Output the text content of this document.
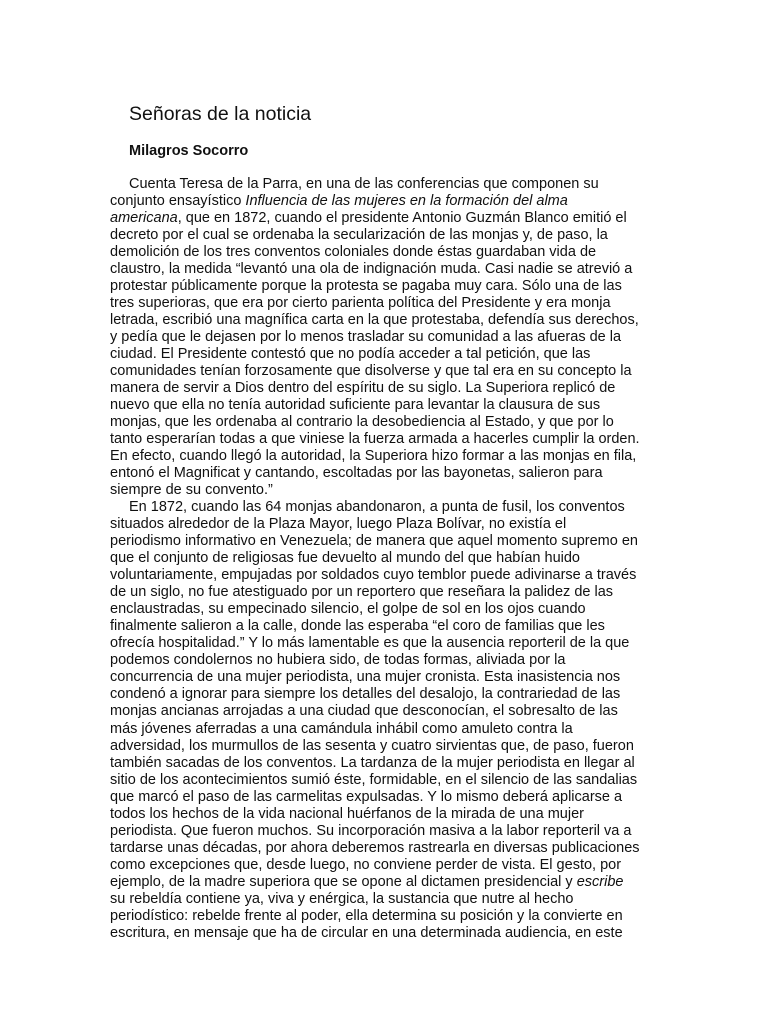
Señoras de la noticia
Milagros Socorro
Cuenta Teresa de la Parra, en una de las conferencias que componen su
conjunto ensayístico Influencia de las mujeres en la formación del alma
americana, que en 1872, cuando el presidente Antonio Guzmán Blanco emitió el
decreto por el cual se ordenaba la secularización de las monjas y, de paso, la
demolición de los tres conventos coloniales donde éstas guardaban vida de
claustro, la medida “levantó una ola de indignación muda. Casi nadie se atrevió a
protestar públicamente porque la protesta se pagaba muy cara. Sólo una de las
tres superioras, que era por cierto parienta política del Presidente y era monja
letrada, escribió una magnífica carta en la que protestaba, defendía sus derechos,
y pedía que le dejasen por lo menos trasladar su comunidad a las afueras de la
ciudad. El Presidente contestó que no podía acceder a tal petición, que las
comunidades tenían forzosamente que disolverse y que tal era en su concepto la
manera de servir a Dios dentro del espíritu de su siglo. La Superiora replicó de
nuevo que ella no tenía autoridad suficiente para levantar la clausura de sus
monjas, que les ordenaba al contrario la desobediencia al Estado, y que por lo
tanto esperarían todas a que viniese la fuerza armada a hacerles cumplir la orden.
En efecto, cuando llegó la autoridad, la Superiora hizo formar a las monjas en fila,
entonó el Magnificat y cantando, escoltadas por las bayonetas, salieron para
siempre de su convento.”
En 1872, cuando las 64 monjas abandonaron, a punta de fusil, los conventos
situados alrededor de la Plaza Mayor, luego Plaza Bolívar, no existía el
periodismo informativo en Venezuela; de manera que aquel momento supremo en
que el conjunto de religiosas fue devuelto al mundo del que habían huido
voluntariamente, empujadas por soldados cuyo temblor puede adivinarse a través
de un siglo, no fue atestiguado por un reportero que reseñara la palidez de las
enclaustradas, su empecinado silencio, el golpe de sol en los ojos cuando
finalmente salieron a la calle, donde las esperaba “el coro de familias que les
ofrecía hospitalidad.” Y lo más lamentable es que la ausencia reporteril de la que
podemos condolernos no hubiera sido, de todas formas, aliviada por la
concurrencia de una mujer periodista, una mujer cronista. Esta inasistencia nos
condenó a ignorar para siempre los detalles del desalojo, la contrariedad de las
monjas ancianas arrojadas a una ciudad que desconocían, el sobresalto de las
más jóvenes aferradas a una camándula inhábil como amuleto contra la
adversidad, los murmullos de las sesenta y cuatro sirvientas que, de paso, fueron
también sacadas de los conventos. La tardanza de la mujer periodista en llegar al
sitio de los acontecimientos sumió éste, formidable, en el silencio de las sandalias
que marcó el paso de las carmelitas expulsadas. Y lo mismo deberá aplicarse a
todos los hechos de la vida nacional huérfanos de la mirada de una mujer
periodista. Que fueron muchos. Su incorporación masiva a la labor reporteril va a
tardarse unas décadas, por ahora deberemos rastrearla en diversas publicaciones
como excepciones que, desde luego, no conviene perder de vista. El gesto, por
ejemplo, de la madre superiora que se opone al dictamen presidencial y escribe
su rebeldía contiene ya, viva y enérgica, la sustancia que nutre al hecho
periodístico: rebelde frente al poder, ella determina su posición y la convierte en
escritura, en mensaje que ha de circular en una determinada audiencia, en este
